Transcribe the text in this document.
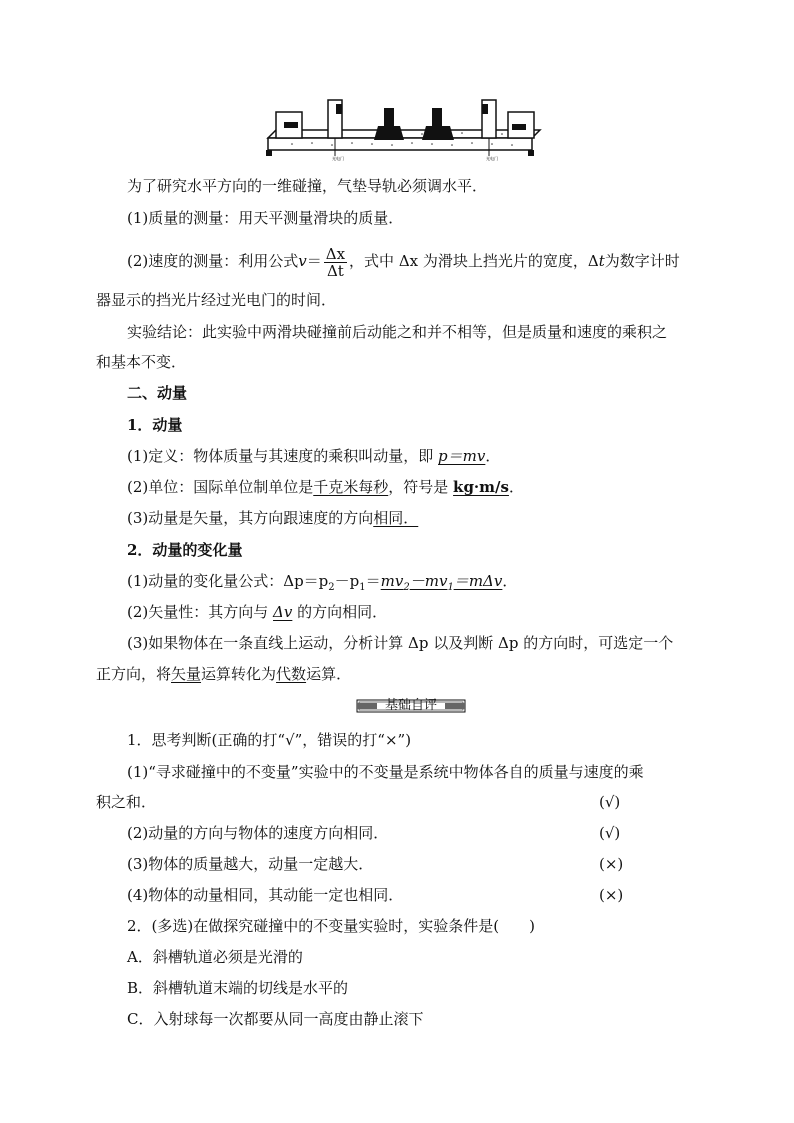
光电门	光电门
为了研究水平方向的一维碰撞，气垫导轨必须调水平．
(1)质量的测量：用天平测量滑块的质量．
(2)速度的测量：利用公式$v= \frac{\Delta x}{\Delta t}$ ，式中 Δx 为滑块上挡光片的宽度，Δt为数字计时
器显示的挡光片经过光电门的时间．
实验结论：此实验中两滑块碰撞前后动能之和并不相等，但是质量和速度的乘积之
和基本不变．
二、动量
1．动量
(1)定义：物体质量与其速度的乘积叫动量，即 p＝mv．
(2)单位：国际单位制单位是千克米每秒，符号是 kg·m/s．
(3)动量是矢量，其方向跟速度的方向相同．
2．动量的变化量
(1)动量的变化量公式：$\Delta p=p_2-p_1=mv_2-mv_1=m\Delta v$．
(2)矢量性：其方向与 Δv 的方向相同．
(3)如果物体在一条直线上运动，分析计算 Δp 以及判断 Δp 的方向时，可选定一个
正方向，将矢量运算转化为代数运算．
基础自评
1．思考判断(正确的打“√”，错误的打“×”)
(1)“寻求碰撞中的不变量”实验中的不变量是系统中物体各自的质量与速度的乘
积之和．	(√)
(2)动量的方向与物体的速度方向相同．	(√)
(3)物体的质量越大，动量一定越大．	(×)
(4)物体的动量相同，其动能一定也相同．	(×)
2．(多选)在做探究碰撞中的不变量实验时，实验条件是(　　)
A．斜槽轨道必须是光滑的
B．斜槽轨道末端的切线是水平的
C．入射球每一次都要从同一高度由静止滚下
